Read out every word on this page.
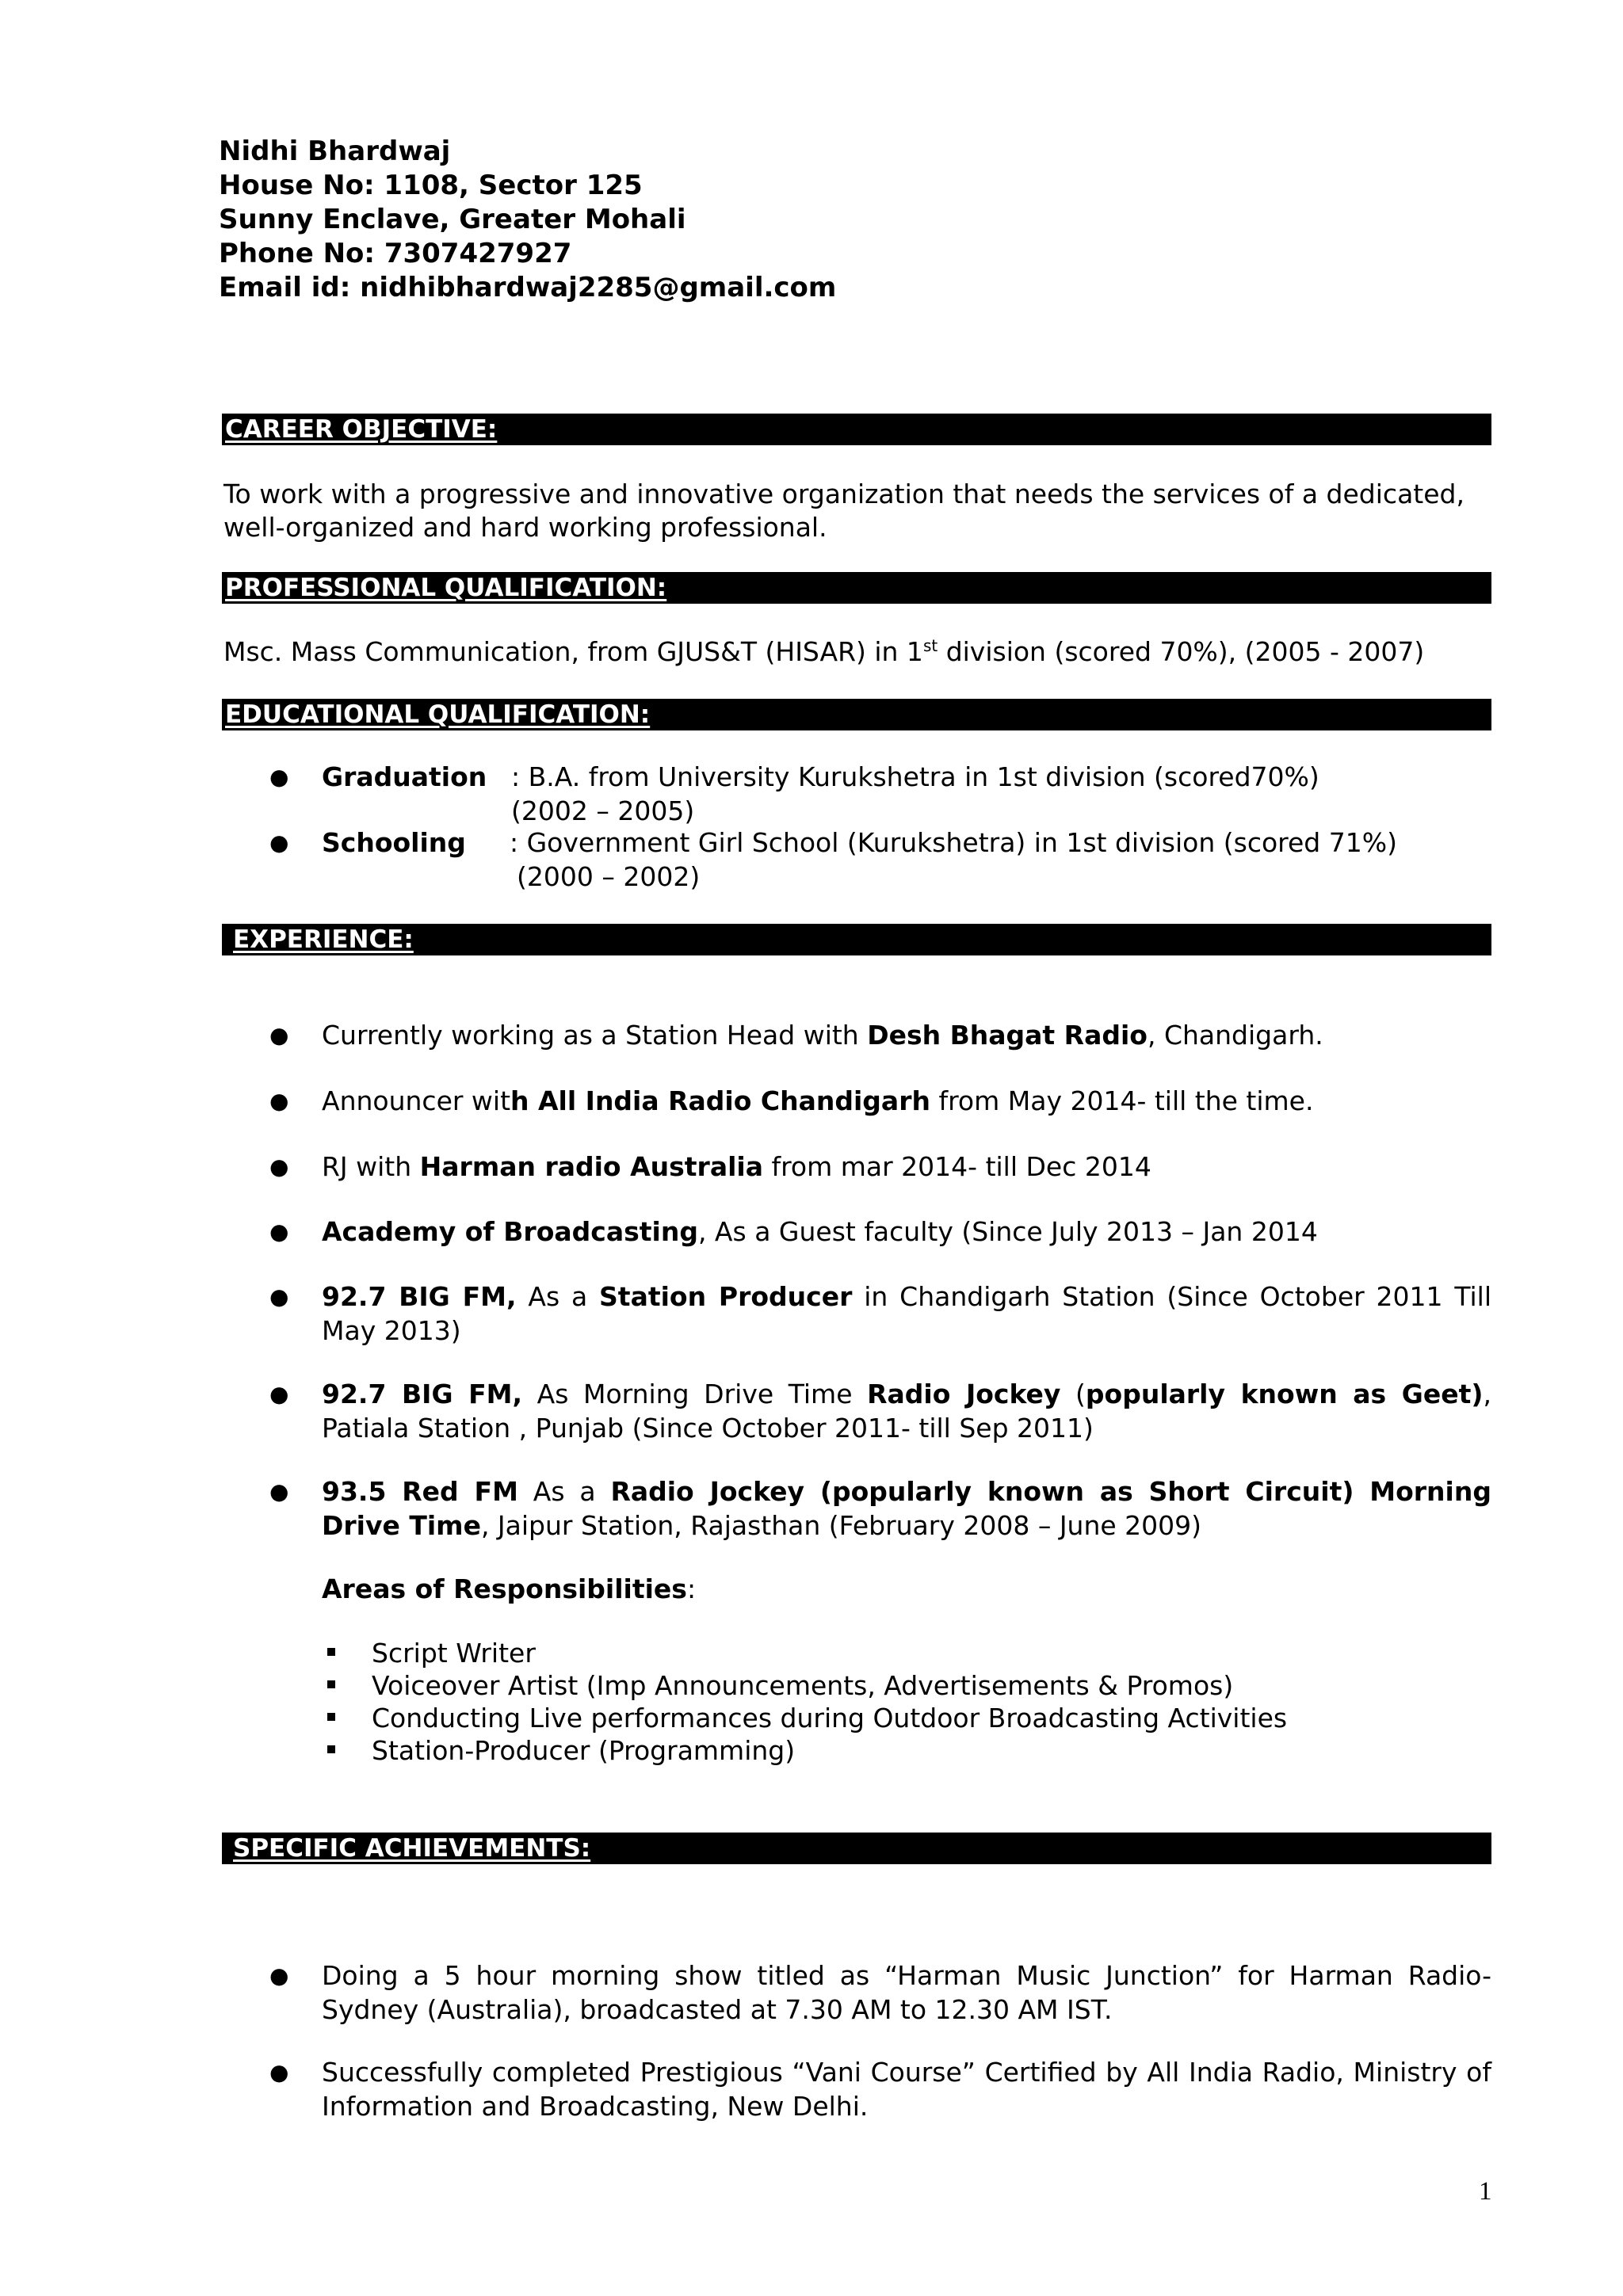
Nidhi Bhardwaj
House No: 1108, Sector 125
Sunny Enclave, Greater Mohali
Phone No: 7307427927
Email id: nidhibhardwaj2285@gmail.com
CAREER OBJECTIVE:
To work with a progressive and innovative organization that needs the services of a dedicated, well-organized and hard working professional.
PROFESSIONAL QUALIFICATION:
Msc. Mass Communication, from GJUS&T (HISAR) in 1st division (scored 70%), (2005 - 2007)
EDUCATIONAL QUALIFICATION:
● Graduation : B.A. from University Kurukshetra in 1st division (scored70%)
(2002 – 2005)
● Schooling : Government Girl School (Kurukshetra) in 1st division (scored 71%)
(2000 – 2002)
EXPERIENCE:
● Currently working as a Station Head with Desh Bhagat Radio, Chandigarh.
● Announcer with All India Radio Chandigarh from May 2014- till the time.
● RJ with Harman radio Australia from mar 2014- till Dec 2014
● Academy of Broadcasting, As a Guest faculty (Since July 2013 – Jan 2014
● 92.7 BIG FM, As a Station Producer in Chandigarh Station (Since October 2011 Till May 2013)
● 92.7 BIG FM, As Morning Drive Time Radio Jockey (popularly known as Geet), Patiala Station , Punjab (Since October 2011- till Sep 2011)
● 93.5 Red FM As a Radio Jockey (popularly known as Short Circuit) Morning Drive Time, Jaipur Station, Rajasthan (February 2008 – June 2009)
Areas of Responsibilities:
Script Writer
Voiceover Artist (Imp Announcements, Advertisements & Promos)
Conducting Live performances during Outdoor Broadcasting Activities
Station-Producer (Programming)
SPECIFIC ACHIEVEMENTS:
● Doing a 5 hour morning show titled as “Harman Music Junction” for Harman Radio-Sydney (Australia), broadcasted at 7.30 AM to 12.30 AM IST.
● Successfully completed Prestigious “Vani Course” Certified by All India Radio, Ministry of Information and Broadcasting, New Delhi.
1
